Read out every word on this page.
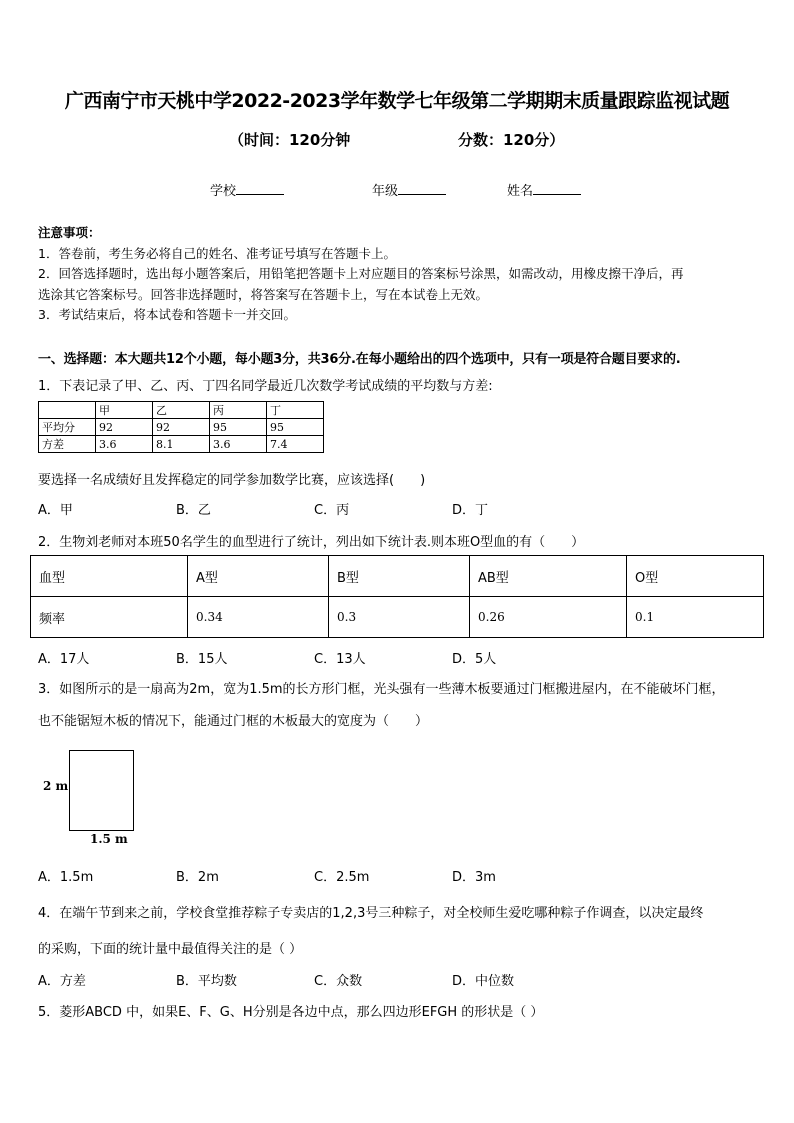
广西南宁市天桃中学2022-2023学年数学七年级第二学期期末质量跟踪监视试题
（时间：120分钟	分数：120分）
学校	年级	姓名
注意事项：
1．答卷前，考生务必将自己的姓名、准考证号填写在答题卡上。
2．回答选择题时，选出每小题答案后，用铅笔把答题卡上对应题目的答案标号涂黑，如需改动，用橡皮擦干净后，再
选涂其它答案标号。回答非选择题时，将答案写在答题卡上，写在本试卷上无效。
3．考试结束后，将本试卷和答题卡一并交回。
一、选择题：本大题共12个小题，每小题3分，共36分.在每小题给出的四个选项中，只有一项是符合题目要求的.
1．下表记录了甲、乙、丙、丁四名同学最近几次数学考试成绩的平均数与方差:
	甲	乙	丙	丁
平均分	92	92	95	95
方差	3.6	8.1	3.6	7.4
要选择一名成绩好且发挥稳定的同学参加数学比赛，应该选择(　　)
A．甲	B．乙	C．丙	D．丁
2．生物刘老师对本班50名学生的血型进行了统计，列出如下统计表.则本班O型血的有（　　）
血型	A型	B型	AB型	O型
频率	0.34	0.3	0.26	0.1
A．17人	B．15人	C．13人	D．5人
3．如图所示的是一扇高为2m，宽为1.5m的长方形门框，光头强有一些薄木板要通过门框搬进屋内，在不能破坏门框，
也不能锯短木板的情况下，能通过门框的木板最大的宽度为（　　）
2 m
1.5 m
A．1.5m	B．2m	C．2.5m	D．3m
4．在端午节到来之前，学校食堂推荐粽子专卖店的1,2,3号三种粽子，对全校师生爱吃哪种粽子作调查，以决定最终
的采购，下面的统计量中最值得关注的是（ ）
A．方差	B．平均数	C．众数	D．中位数
5．菱形ABCD 中，如果E、F、G、H分别是各边中点，那么四边形EFGH 的形状是（ ）
